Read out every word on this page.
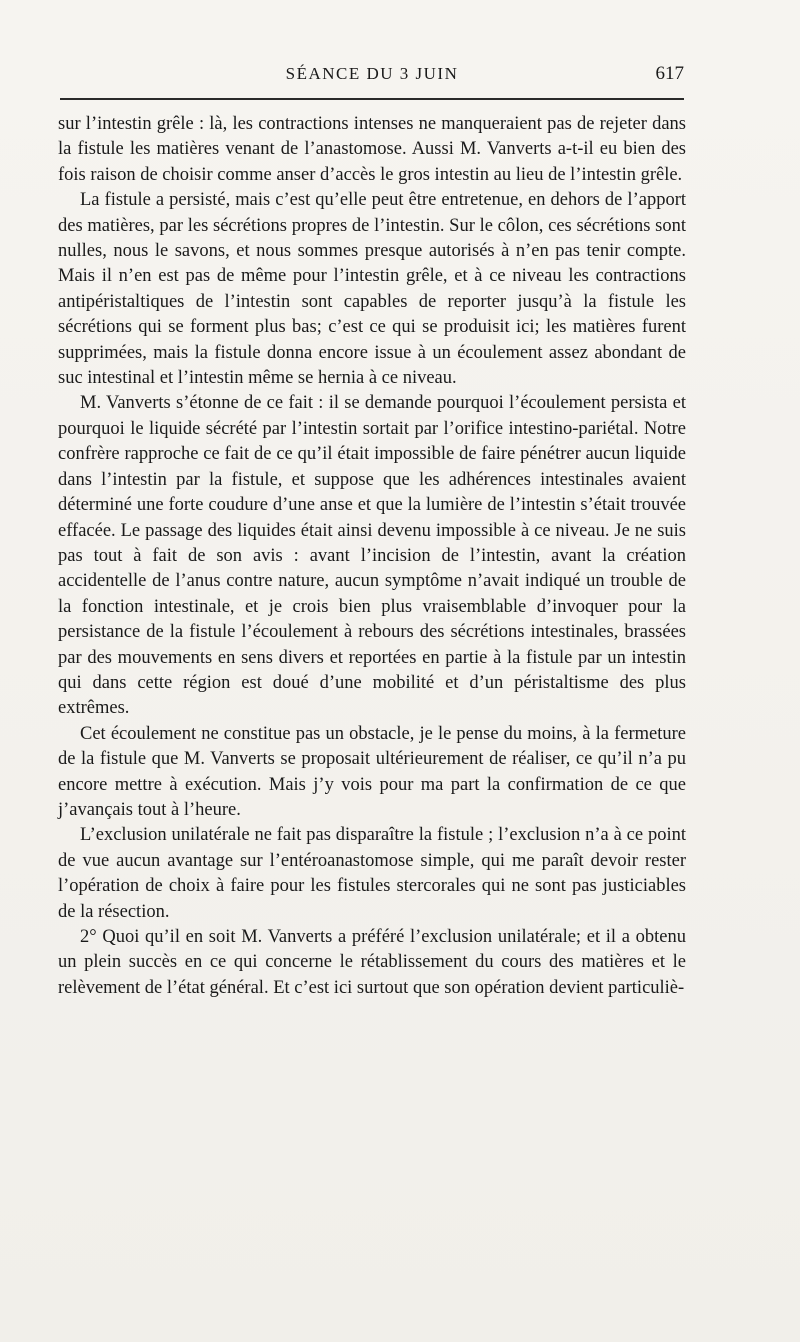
SÉANCE DU 3 JUIN	617

sur l’intestin grêle : là, les contractions intenses ne manqueraient pas de rejeter dans la fistule les matières venant de l’anastomose. Aussi M. Vanverts a-t-il eu bien des fois raison de choisir comme anser d’accès le gros intestin au lieu de l’intestin grêle.

La fistule a persisté, mais c’est qu’elle peut être entretenue, en dehors de l’apport des matières, par les sécrétions propres de l’intestin. Sur le côlon, ces sécrétions sont nulles, nous le savons, et nous sommes presque autorisés à n’en pas tenir compte. Mais il n’en est pas de même pour l’intestin grêle, et à ce niveau les contractions antipéristaltiques de l’intestin sont capables de reporter jusqu’à la fistule les sécrétions qui se forment plus bas; c’est ce qui se produisit ici; les matières furent supprimées, mais la fistule donna encore issue à un écoulement assez abondant de suc intestinal et l’intestin même se hernia à ce niveau.

M. Vanverts s’étonne de ce fait : il se demande pourquoi l’écoulement persista et pourquoi le liquide sécrété par l’intestin sortait par l’orifice intestino-pariétal. Notre confrère rapproche ce fait de ce qu’il était impossible de faire pénétrer aucun liquide dans l’intestin par la fistule, et suppose que les adhérences intestinales avaient déterminé une forte coudure d’une anse et que la lumière de l’intestin s’était trouvée effacée. Le passage des liquides était ainsi devenu impossible à ce niveau. Je ne suis pas tout à fait de son avis : avant l’incision de l’intestin, avant la création accidentelle de l’anus contre nature, aucun symptôme n’avait indiqué un trouble de la fonction intestinale, et je crois bien plus vraisemblable d’invoquer pour la persistance de la fistule l’écoulement à rebours des sécrétions intestinales, brassées par des mouvements en sens divers et reportées en partie à la fistule par un intestin qui dans cette région est doué d’une mobilité et d’un péristaltisme des plus extrêmes.

Cet écoulement ne constitue pas un obstacle, je le pense du moins, à la fermeture de la fistule que M. Vanverts se proposait ultérieurement de réaliser, ce qu’il n’a pu encore mettre à exécution. Mais j’y vois pour ma part la confirmation de ce que j’avançais tout à l’heure.

L’exclusion unilatérale ne fait pas disparaître la fistule ; l’exclusion n’a à ce point de vue aucun avantage sur l’entéroanastomose simple, qui me paraît devoir rester l’opération de choix à faire pour les fistules stercorales qui ne sont pas justiciables de la résection.

2° Quoi qu’il en soit M. Vanverts a préféré l’exclusion unilatérale; et il a obtenu un plein succès en ce qui concerne le rétablissement du cours des matières et le relèvement de l’état général. Et c’est ici surtout que son opération devient particuliè-
